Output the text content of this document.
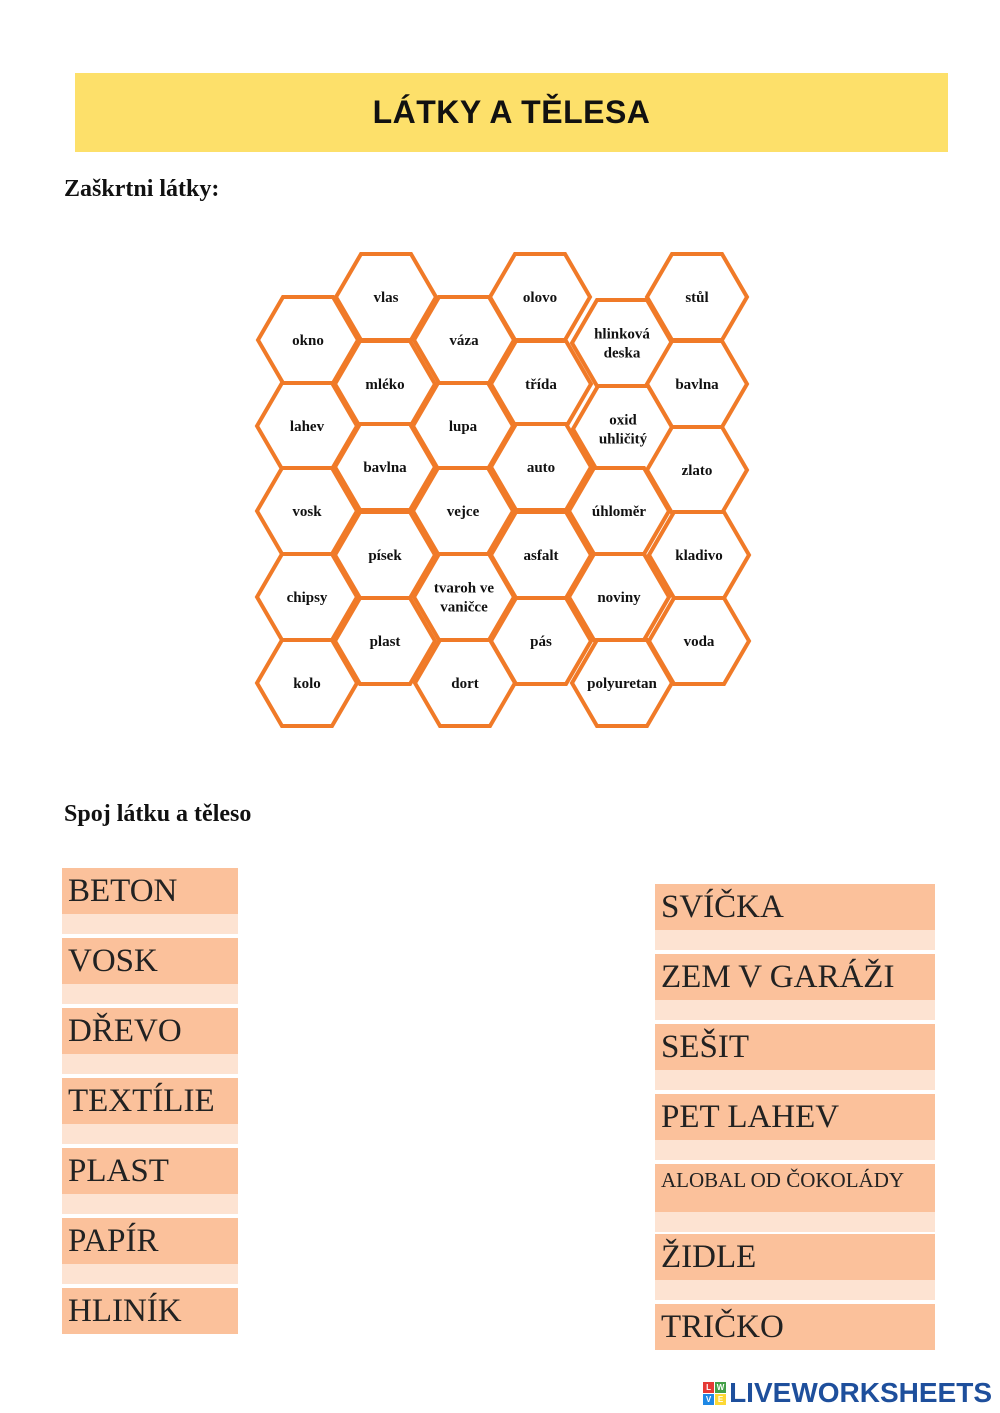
LÁTKY A TĚLESA
Zaškrtni látky:
vlas	olovo	stůl
okno	váza	hlinková
deska
mléko	třída	bavlna
lahev	lupa	oxid
uhličitý
bavlna	auto	zlato
vosk	vejce	úhloměr
písek	asfalt	kladivo
chipsy
tvaroh ve
vaničce
noviny
plast	pás	voda
kolo	dort	polyuretan
Spoj látku a těleso
BETON
VOSK
DŘEVO
TEXTÍLIE
PLAST
PAPÍR
HLINÍK
SVÍČKA
ZEM V GARÁŽI
SEŠIT
PET LAHEV
ALOBAL OD ČOKOLÁDY
ŽIDLE
TRIČKO
L W
V E LIVEWORKSHEETS
